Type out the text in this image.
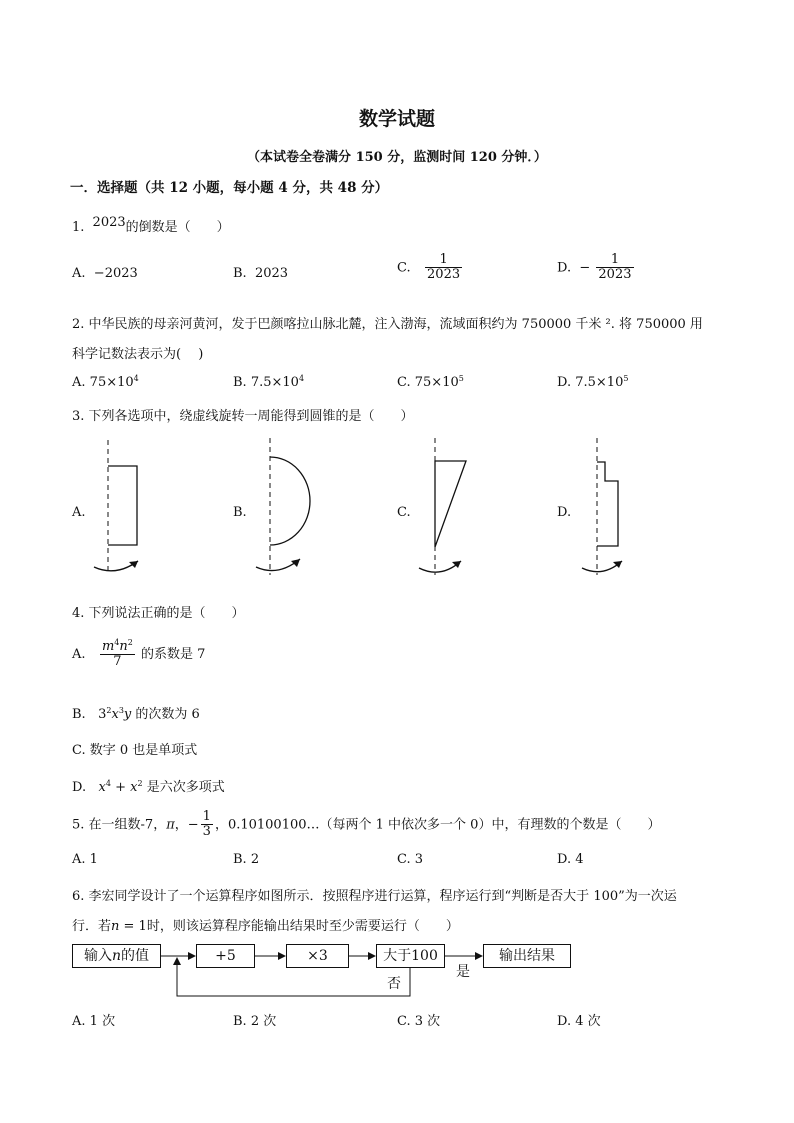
数学试题
（本试卷全卷满分 150 分，监测时间 120 分钟．）
一．选择题（共 12 小题，每小题 4 分，共 48 分）
1. 2023的倒数是（　　）
A. −2023	B. 2023	C. $\frac{1}{2023}$	D. − $\frac{1}{2023}$
2. 中华民族的母亲河黄河，发于巴颜喀拉山脉北麓，注入渤海，流域面积约为 750000 千米 ². 将 750000 用
科学记数法表示为(　 )
A. $75\times 10^4$	B. $7.5\times 10^4$	C. $75\times 10^5$	D. $7.5\times 10^5$
3. 下列各选项中，绕虚线旋转一周能得到圆锥的是（　　）
A.	B.	C.	D.
4. 下列说法正确的是（　　）
A. $\frac{m^4n^2}{7}$ 的系数是 7
B. $3^2x^3y$ 的次数为 6
C. 数字 0 也是单项式
D. $x^4 + x^2$ 是六次多项式
5. 在一组数-7，π，− $\frac{1}{3}$ ，0.10100100…（每两个 1 中依次多一个 0）中，有理数的个数是（　　）
A. 1	B. 2	C. 3	D. 4
6. 李宏同学设计了一个运算程序如图所示．按照程序进行运算，程序运行到“判断是否大于 100”为一次运
行．若n = 1时，则该运算程序能输出结果时至少需要运行（　　）
输入n的值	+5	×3	大于100	输出结果
是
否
A. 1 次	B. 2 次	C. 3 次	D. 4 次
